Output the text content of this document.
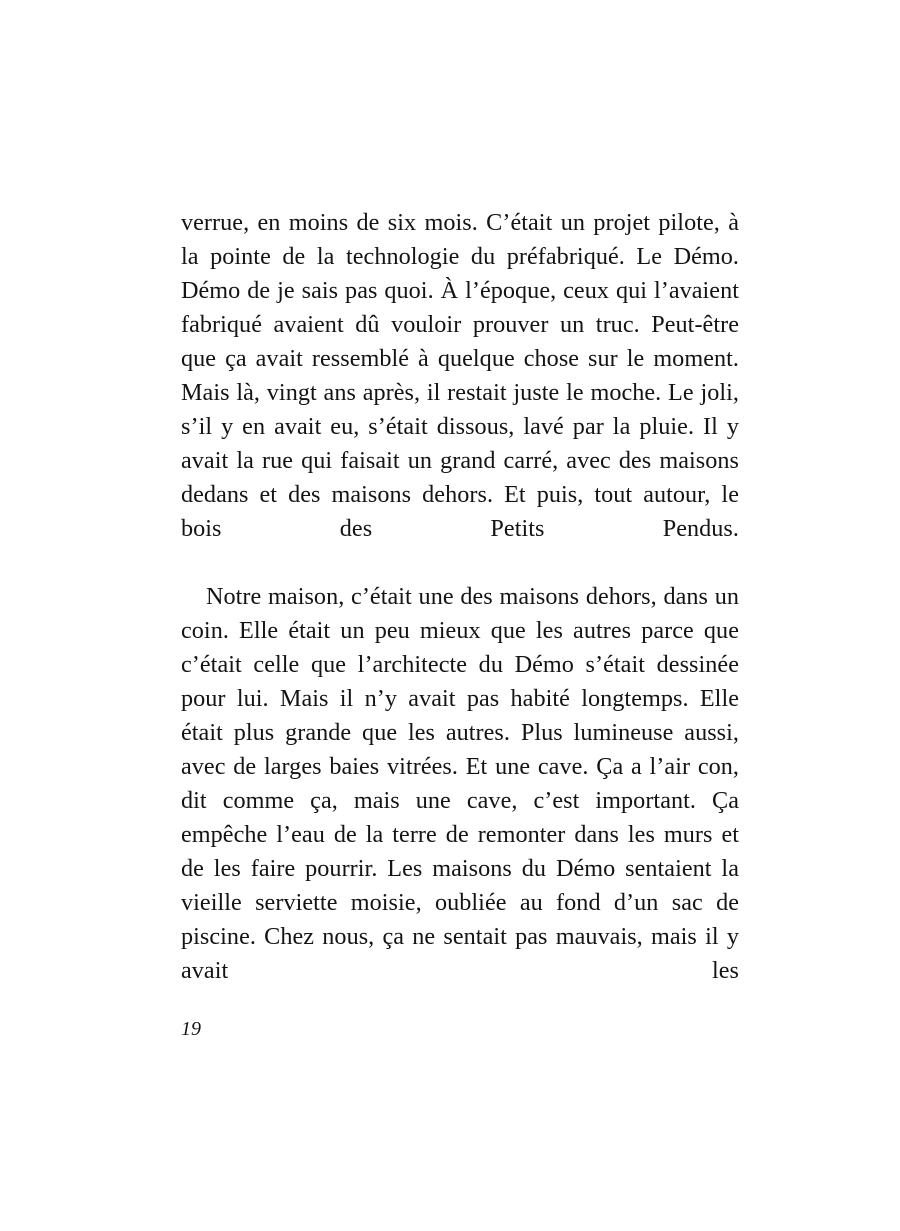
verrue, en moins de six mois. C’était un projet pilote, à la pointe de la technologie du préfabriqué. Le Démo. Démo de je sais pas quoi. À l’époque, ceux qui l’avaient fabriqué avaient dû vouloir prouver un truc. Peut-être que ça avait ressemblé à quelque chose sur le moment. Mais là, vingt ans après, il restait juste le moche. Le joli, s’il y en avait eu, s’était dissous, lavé par la pluie. Il y avait la rue qui faisait un grand carré, avec des maisons dedans et des maisons dehors. Et puis, tout autour, le bois des Petits Pendus.

Notre maison, c’était une des maisons dehors, dans un coin. Elle était un peu mieux que les autres parce que c’était celle que l’architecte du Démo s’était dessinée pour lui. Mais il n’y avait pas habité longtemps. Elle était plus grande que les autres. Plus lumineuse aussi, avec de larges baies vitrées. Et une cave. Ça a l’air con, dit comme ça, mais une cave, c’est important. Ça empêche l’eau de la terre de remonter dans les murs et de les faire pourrir. Les maisons du Démo sentaient la vieille serviette moisie, oubliée au fond d’un sac de piscine. Chez nous, ça ne sentait pas mauvais, mais il y avait les

19
